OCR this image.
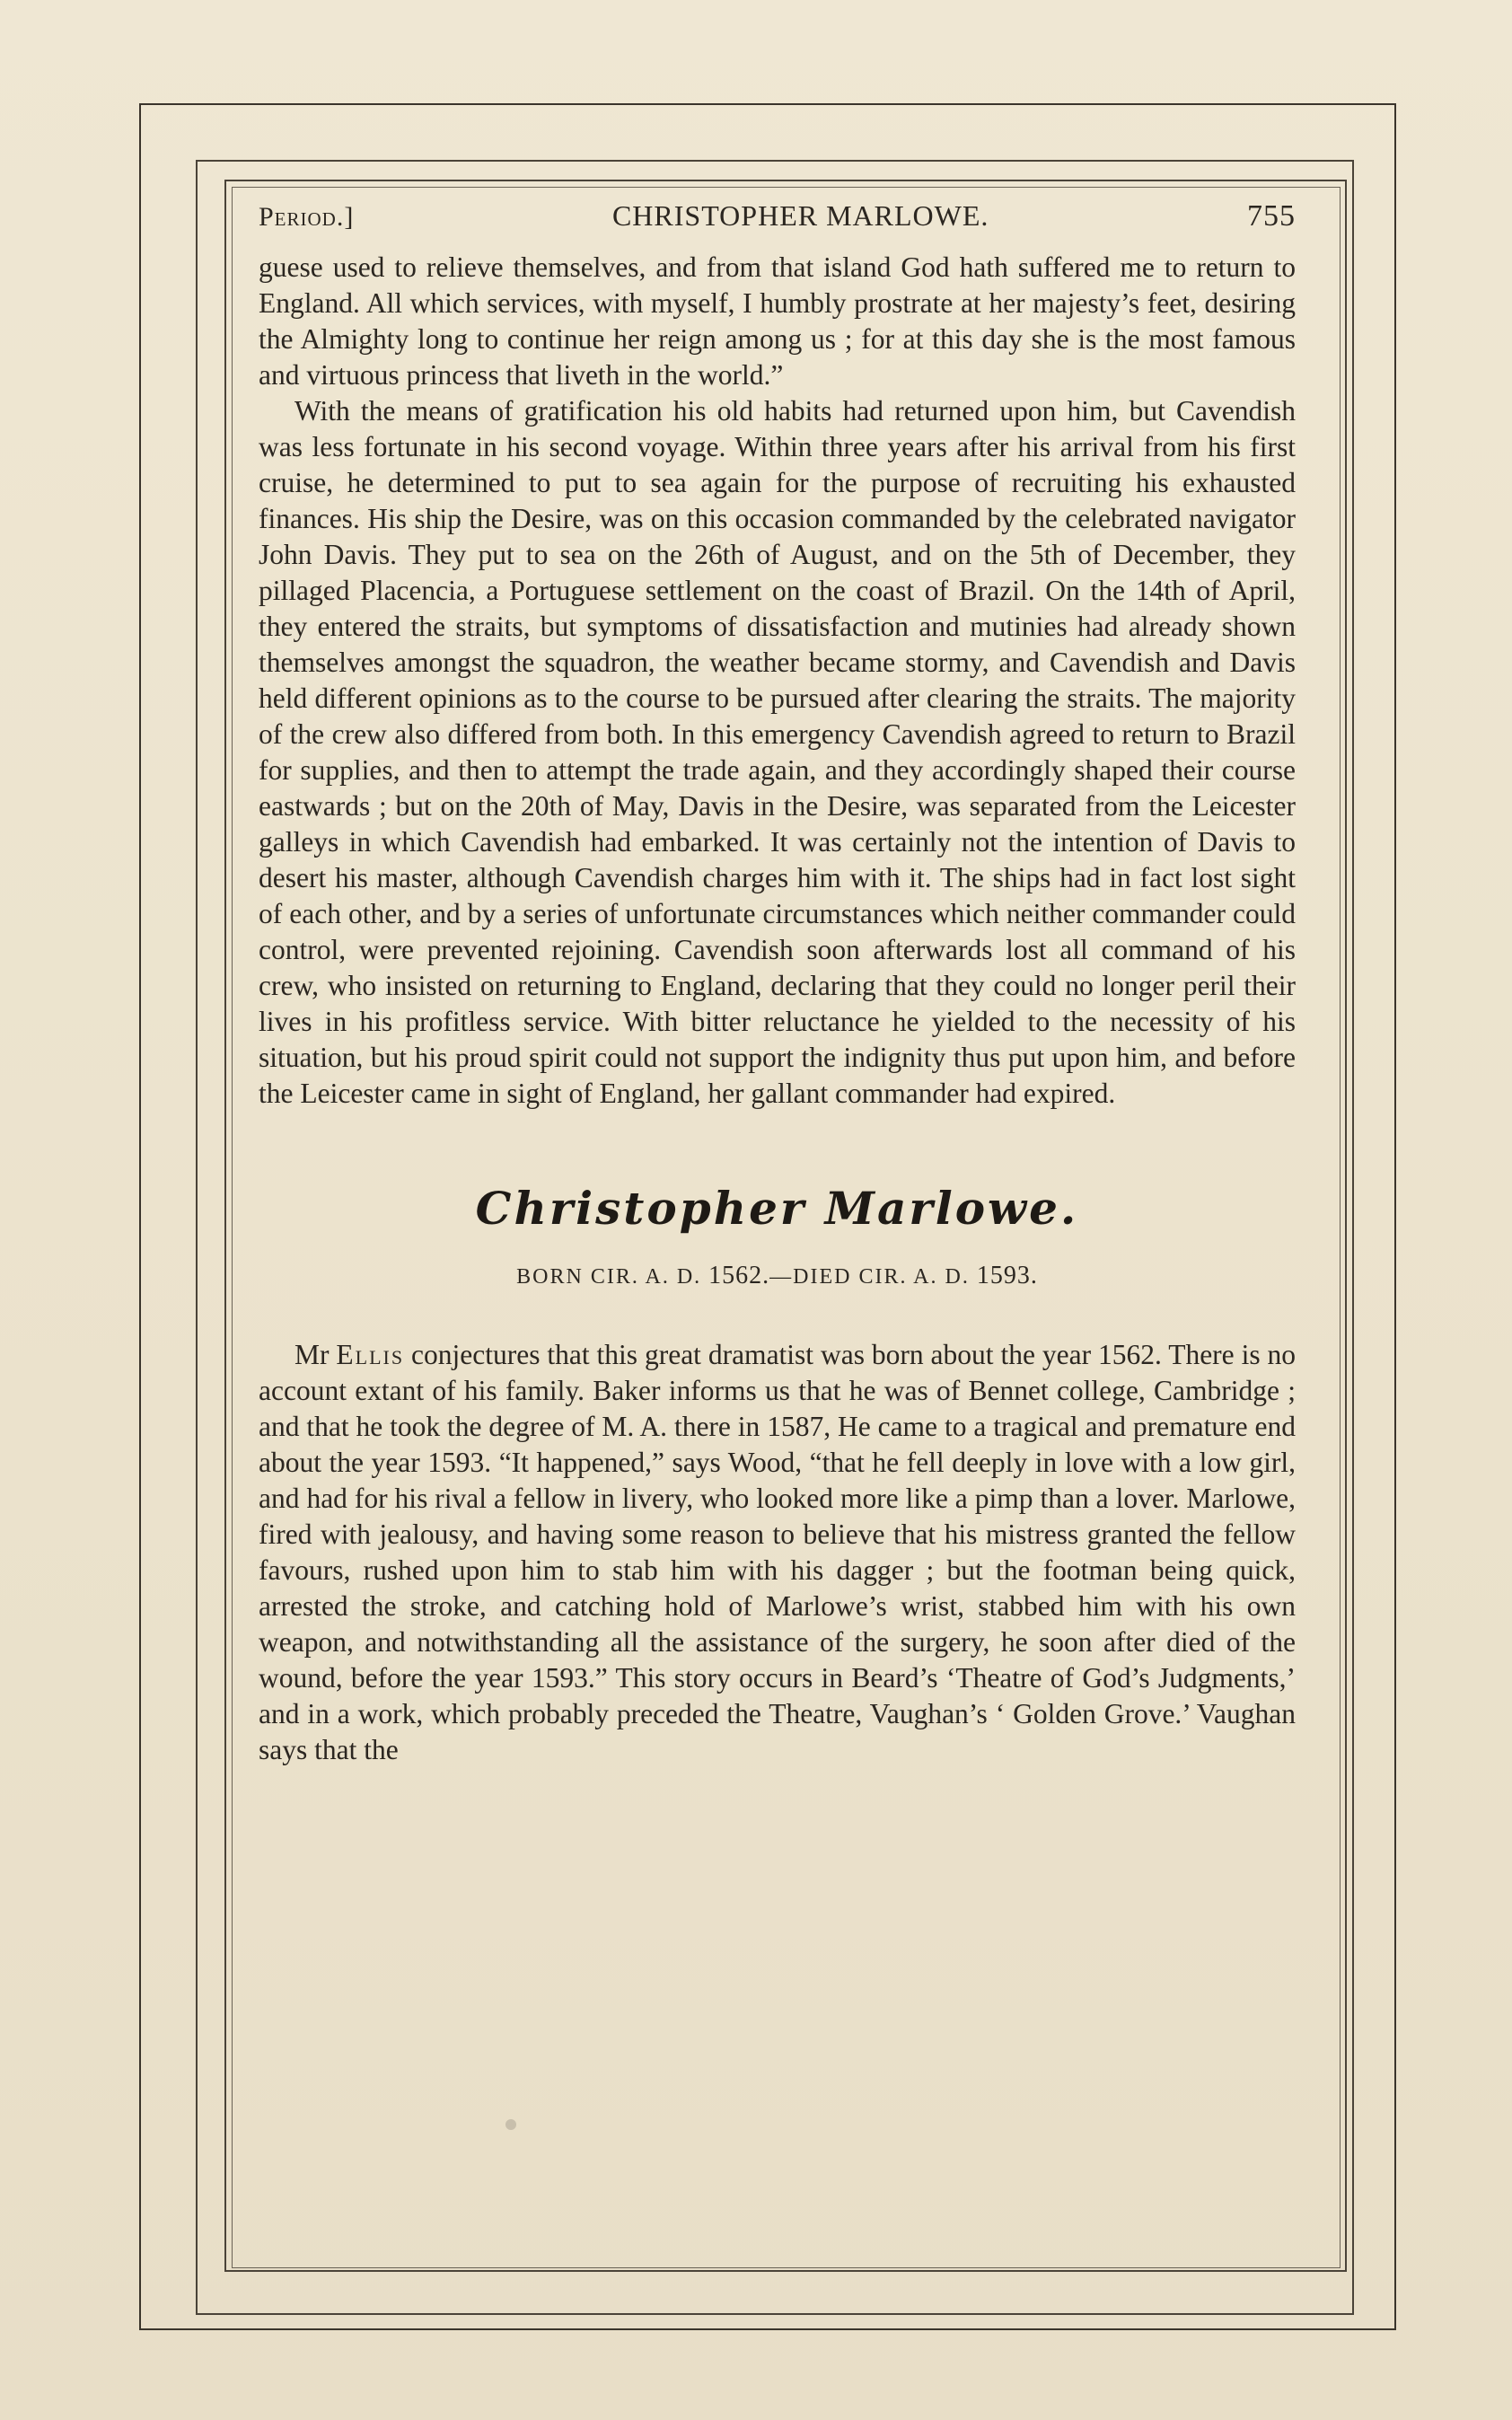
Period.]	CHRISTOPHER MARLOWE.	755

guese used to relieve themselves, and from that island God hath suffered me to return to England. All which services, with myself, I humbly prostrate at her majesty’s feet, desiring the Almighty long to continue her reign among us ; for at this day she is the most famous and virtuous princess that liveth in the world.”

With the means of gratification his old habits had returned upon him, but Cavendish was less fortunate in his second voyage. Within three years after his arrival from his first cruise, he determined to put to sea again for the purpose of recruiting his exhausted finances. His ship the Desire, was on this occasion commanded by the celebrated navigator John Davis. They put to sea on the 26th of August, and on the 5th of December, they pillaged Placencia, a Portuguese settlement on the coast of Brazil. On the 14th of April, they entered the straits, but symptoms of dissatisfaction and mutinies had already shown themselves amongst the squadron, the weather became stormy, and Cavendish and Davis held different opinions as to the course to be pursued after clearing the straits. The majority of the crew also differed from both. In this emergency Cavendish agreed to return to Brazil for supplies, and then to attempt the trade again, and they accordingly shaped their course eastwards ; but on the 20th of May, Davis in the Desire, was separated from the Leicester galleys in which Cavendish had embarked. It was certainly not the intention of Davis to desert his master, although Cavendish charges him with it. The ships had in fact lost sight of each other, and by a series of unfortunate circumstances which neither commander could control, were prevented rejoining. Cavendish soon afterwards lost all command of his crew, who insisted on returning to England, declaring that they could no longer peril their lives in his profitless service. With bitter reluctance he yielded to the necessity of his situation, but his proud spirit could not support the indignity thus put upon him, and before the Leicester came in sight of England, her gallant commander had expired.

Christopher Marlowe.
BORN CIR. A. D. 1562.—DIED CIR. A. D. 1593.

Mr Ellis conjectures that this great dramatist was born about the year 1562. There is no account extant of his family. Baker informs us that he was of Bennet college, Cambridge ; and that he took the degree of M. A. there in 1587, He came to a tragical and premature end about the year 1593. “It happened,” says Wood, “that he fell deeply in love with a low girl, and had for his rival a fellow in livery, who looked more like a pimp than a lover. Marlowe, fired with jealousy, and having some reason to believe that his mistress granted the fellow favours, rushed upon him to stab him with his dagger ; but the footman being quick, arrested the stroke, and catching hold of Marlowe’s wrist, stabbed him with his own weapon, and notwithstanding all the assistance of the surgery, he soon after died of the wound, before the year 1593.” This story occurs in Beard’s ‘Theatre of God’s Judgments,’ and in a work, which probably preceded the Theatre, Vaughan’s ‘ Golden Grove.’ Vaughan says that the
